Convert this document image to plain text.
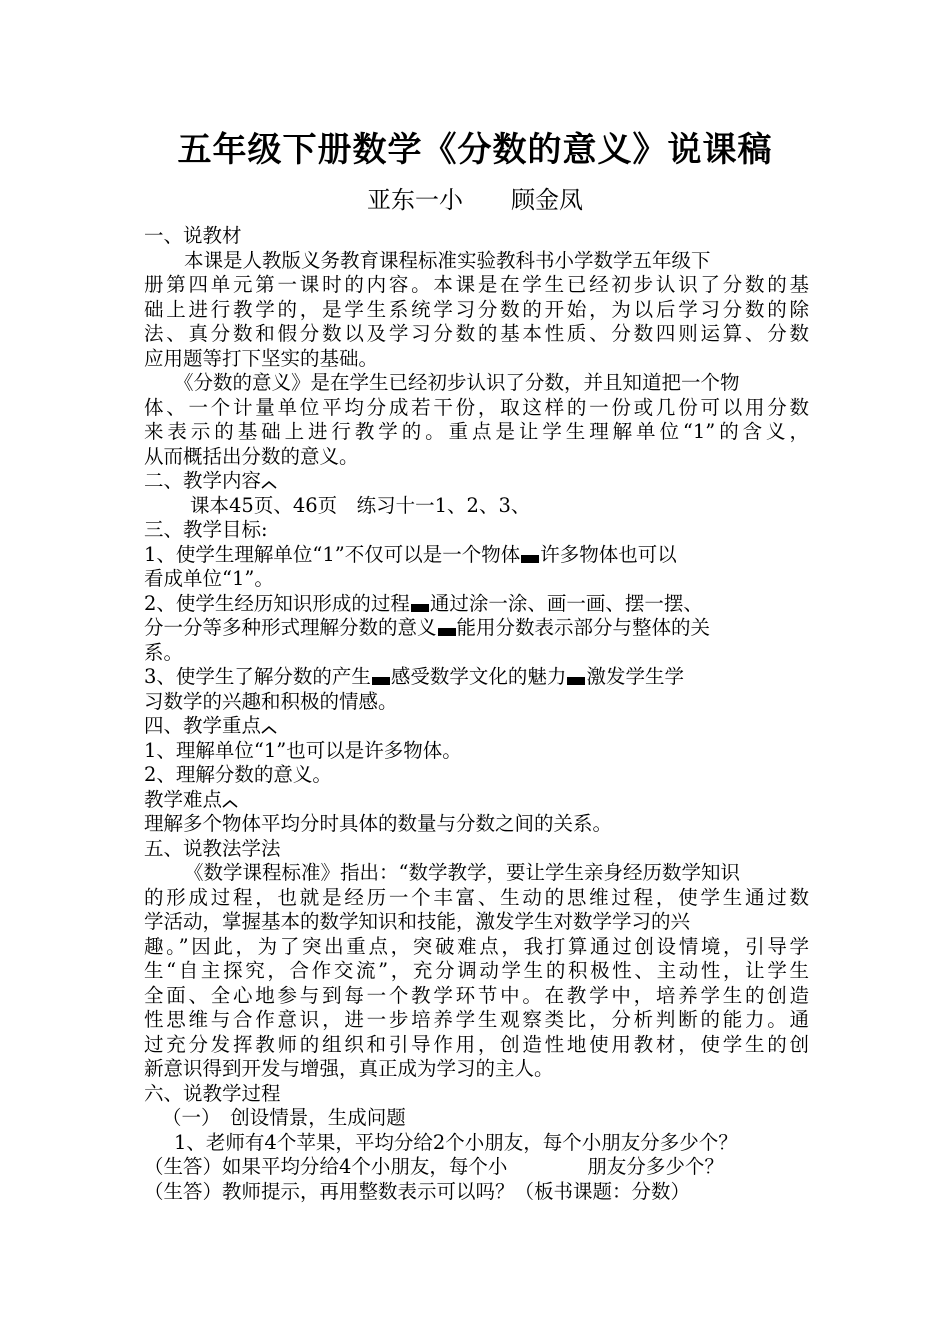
五年级下册数学《分数的意义》说课稿
亚东一小 顾金凤
一、说教材
本课是人教版义务教育课程标准实验教科书小学数学五年级下
册第四单元第一课时的内容。本课是在学生已经初步认识了分数的基
础上进行教学的，是学生系统学习分数的开始，为以后学习分数的除
法、真分数和假分数以及学习分数的基本性质、分数四则运算、分数
应用题等打下坚实的基础。
《分数的意义》是在学生已经初步认识了分数，并且知道把一个物
体、一个计量单位平均分成若干份，取这样的一份或几份可以用分数
来表示的基础上进行教学的。重点是让学生理解单位“1”的含义，
从而概括出分数的意义。
二、教学内容
课本45页、46页　练习十一1、2、3、
三、教学目标:
1、使学生理解单位“1”不仅可以是一个物体 许多物体也可以
看成单位“1”。
2、使学生经历知识形成的过程 通过涂一涂、画一画、摆一摆、
分一分等多种形式理解分数的意义 能用分数表示部分与整体的关
系。
3、使学生了解分数的产生 感受数学文化的魅力 激发学生学
习数学的兴趣和积极的情感。
四、教学重点
1、理解单位“1”也可以是许多物体。
2、理解分数的意义。
教学难点
理解多个物体平均分时具体的数量与分数之间的关系。
五、说教法学法
《数学课程标准》指出：“数学教学，要让学生亲身经历数学知识
的形成过程，也就是经历一个丰富、生动的思维过程，使学生通过数
学活动，掌握基本的数学知识和技能，激发学生对数学学习的兴
趣。”因此，为了突出重点，突破难点，我打算通过创设情境，引导学
生“自主探究，合作交流”，充分调动学生的积极性、主动性，让学生
全面、全心地参与到每一个教学环节中。在教学中，培养学生的创造
性思维与合作意识，进一步培养学生观察类比，分析判断的能力。通
过充分发挥教师的组织和引导作用，创造性地使用教材，使学生的创
新意识得到开发与增强，真正成为学习的主人。
六、说教学过程
（一）　创设情景，生成问题
1、老师有4个苹果，平均分给2个小朋友，每个小朋友分多少个？
（生答）如果平均分给4个小朋友，每个小	朋友分多少个？
（生答）教师提示，再用整数表示可以吗？（板书课题：分数）
